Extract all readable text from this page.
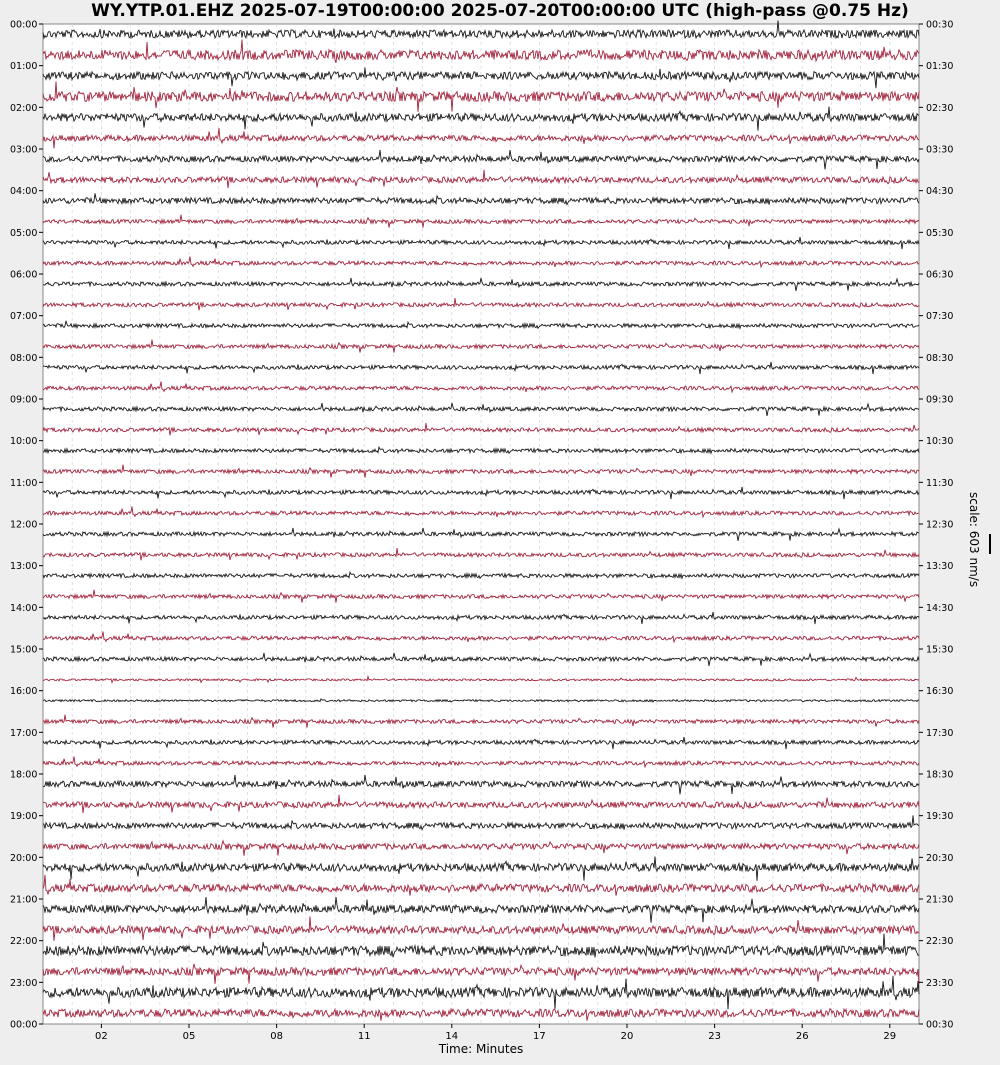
WY.YTP.01.EHZ 2025-07-19T00:00:00 2025-07-20T00:00:00 UTC (high-pass @0.75 Hz)
02	05	08	11	14	17	20	23	26	29
00:00
01:00
02:00
03:00
04:00
05:00
06:00
07:00
08:00
09:00
10:00
11:00
12:00
13:00
14:00
15:00
16:00
17:00
18:00
19:00
20:00
21:00
22:00
23:00
00:00
00:30
01:30
02:30
03:30
04:30
05:30
06:30
07:30
08:30
09:30
10:30
11:30
12:30
13:30
14:30
15:30
16:30
17:30
18:30
19:30
20:30
21:30
22:30
23:30
00:30
Time: Minutes
scale: 603 nm/s
